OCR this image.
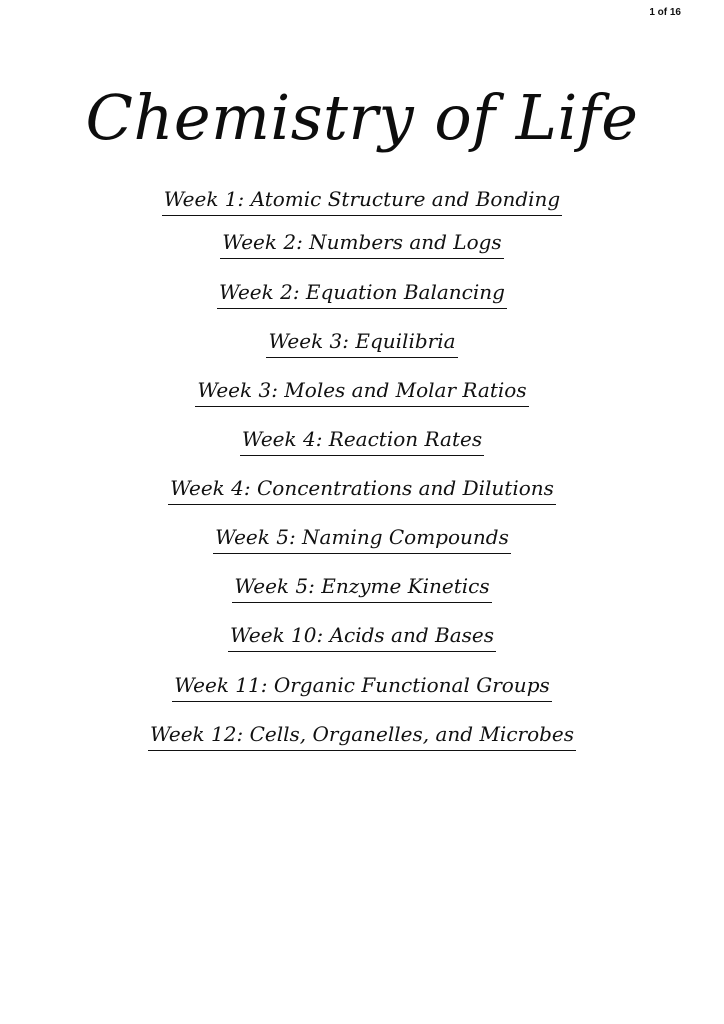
1 of 16
Chemistry of Life
Week 1: Atomic Structure and Bonding
Week 2: Numbers and Logs
Week 2: Equation Balancing
Week 3: Equilibria
Week 3: Moles and Molar Ratios
Week 4: Reaction Rates
Week 4: Concentrations and Dilutions
Week 5: Naming Compounds
Week 5: Enzyme Kinetics
Week 10: Acids and Bases
Week 11: Organic Functional Groups
Week 12: Cells, Organelles, and Microbes
